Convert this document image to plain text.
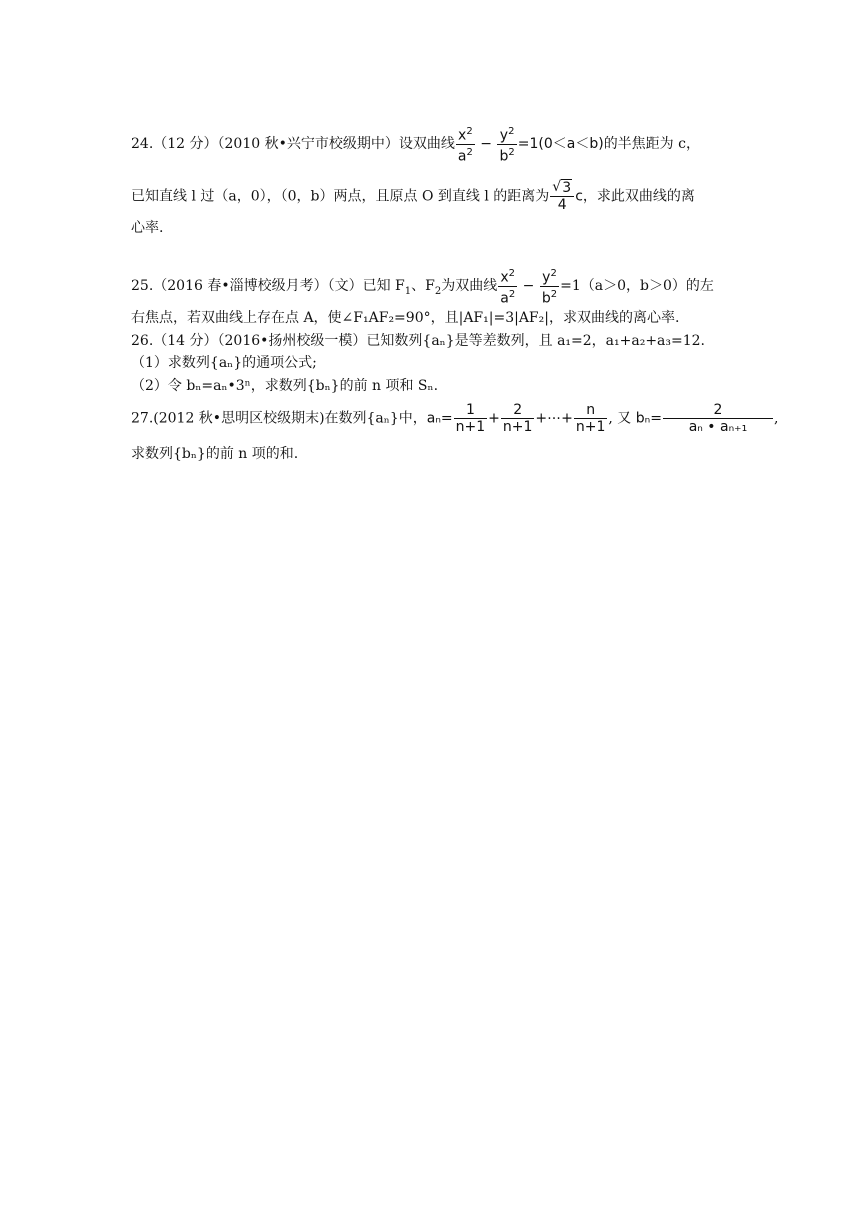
24.（12 分）（2010 秋•兴宁市校级期中）设双曲线 $\frac{x^2}{a^2} - \frac{y^2}{b^2} =1(0<a<b)$的半焦距为 c，
已知直线 l 过（a，0），（0，b）两点，且原点 O 到直线 l 的距离为
√ $\frac{3}{4}$ c，求此双曲线的离
心率.
25.（2016 春•淄博校级月考）（文）已知 $F_1$、$F_2$为双曲线 $\frac{x^2}{a^2} - \frac{y^2}{b^2} =1(a>0$，b＞0）的左
右焦点，若双曲线上存在点 A，使∠F₁AF₂=90°，且|AF₁|=3|AF₂|，求双曲线的离心率.
26.（14 分）（2016•扬州校级一模）已知数列{aₙ}是等差数列，且 a₁=2，a₁+a₂+a₃=12.
（1）求数列{aₙ}的通项公式;
（2）令 bₙ=aₙ•3ⁿ，求数列{bₙ}的前 n 项和 Sₙ.
27.(2012 秋•思明区校级期末)在数列{aₙ}中，$a_n= \frac{1}{n+1} + \frac{2}{n+1}$ +⋯+ $\frac{n}{n+1}$ , 又 $b_n= \frac{2}{\text{aₙ • aₙ₊₁}}$ ,
求数列{bₙ}的前 n 项的和.
